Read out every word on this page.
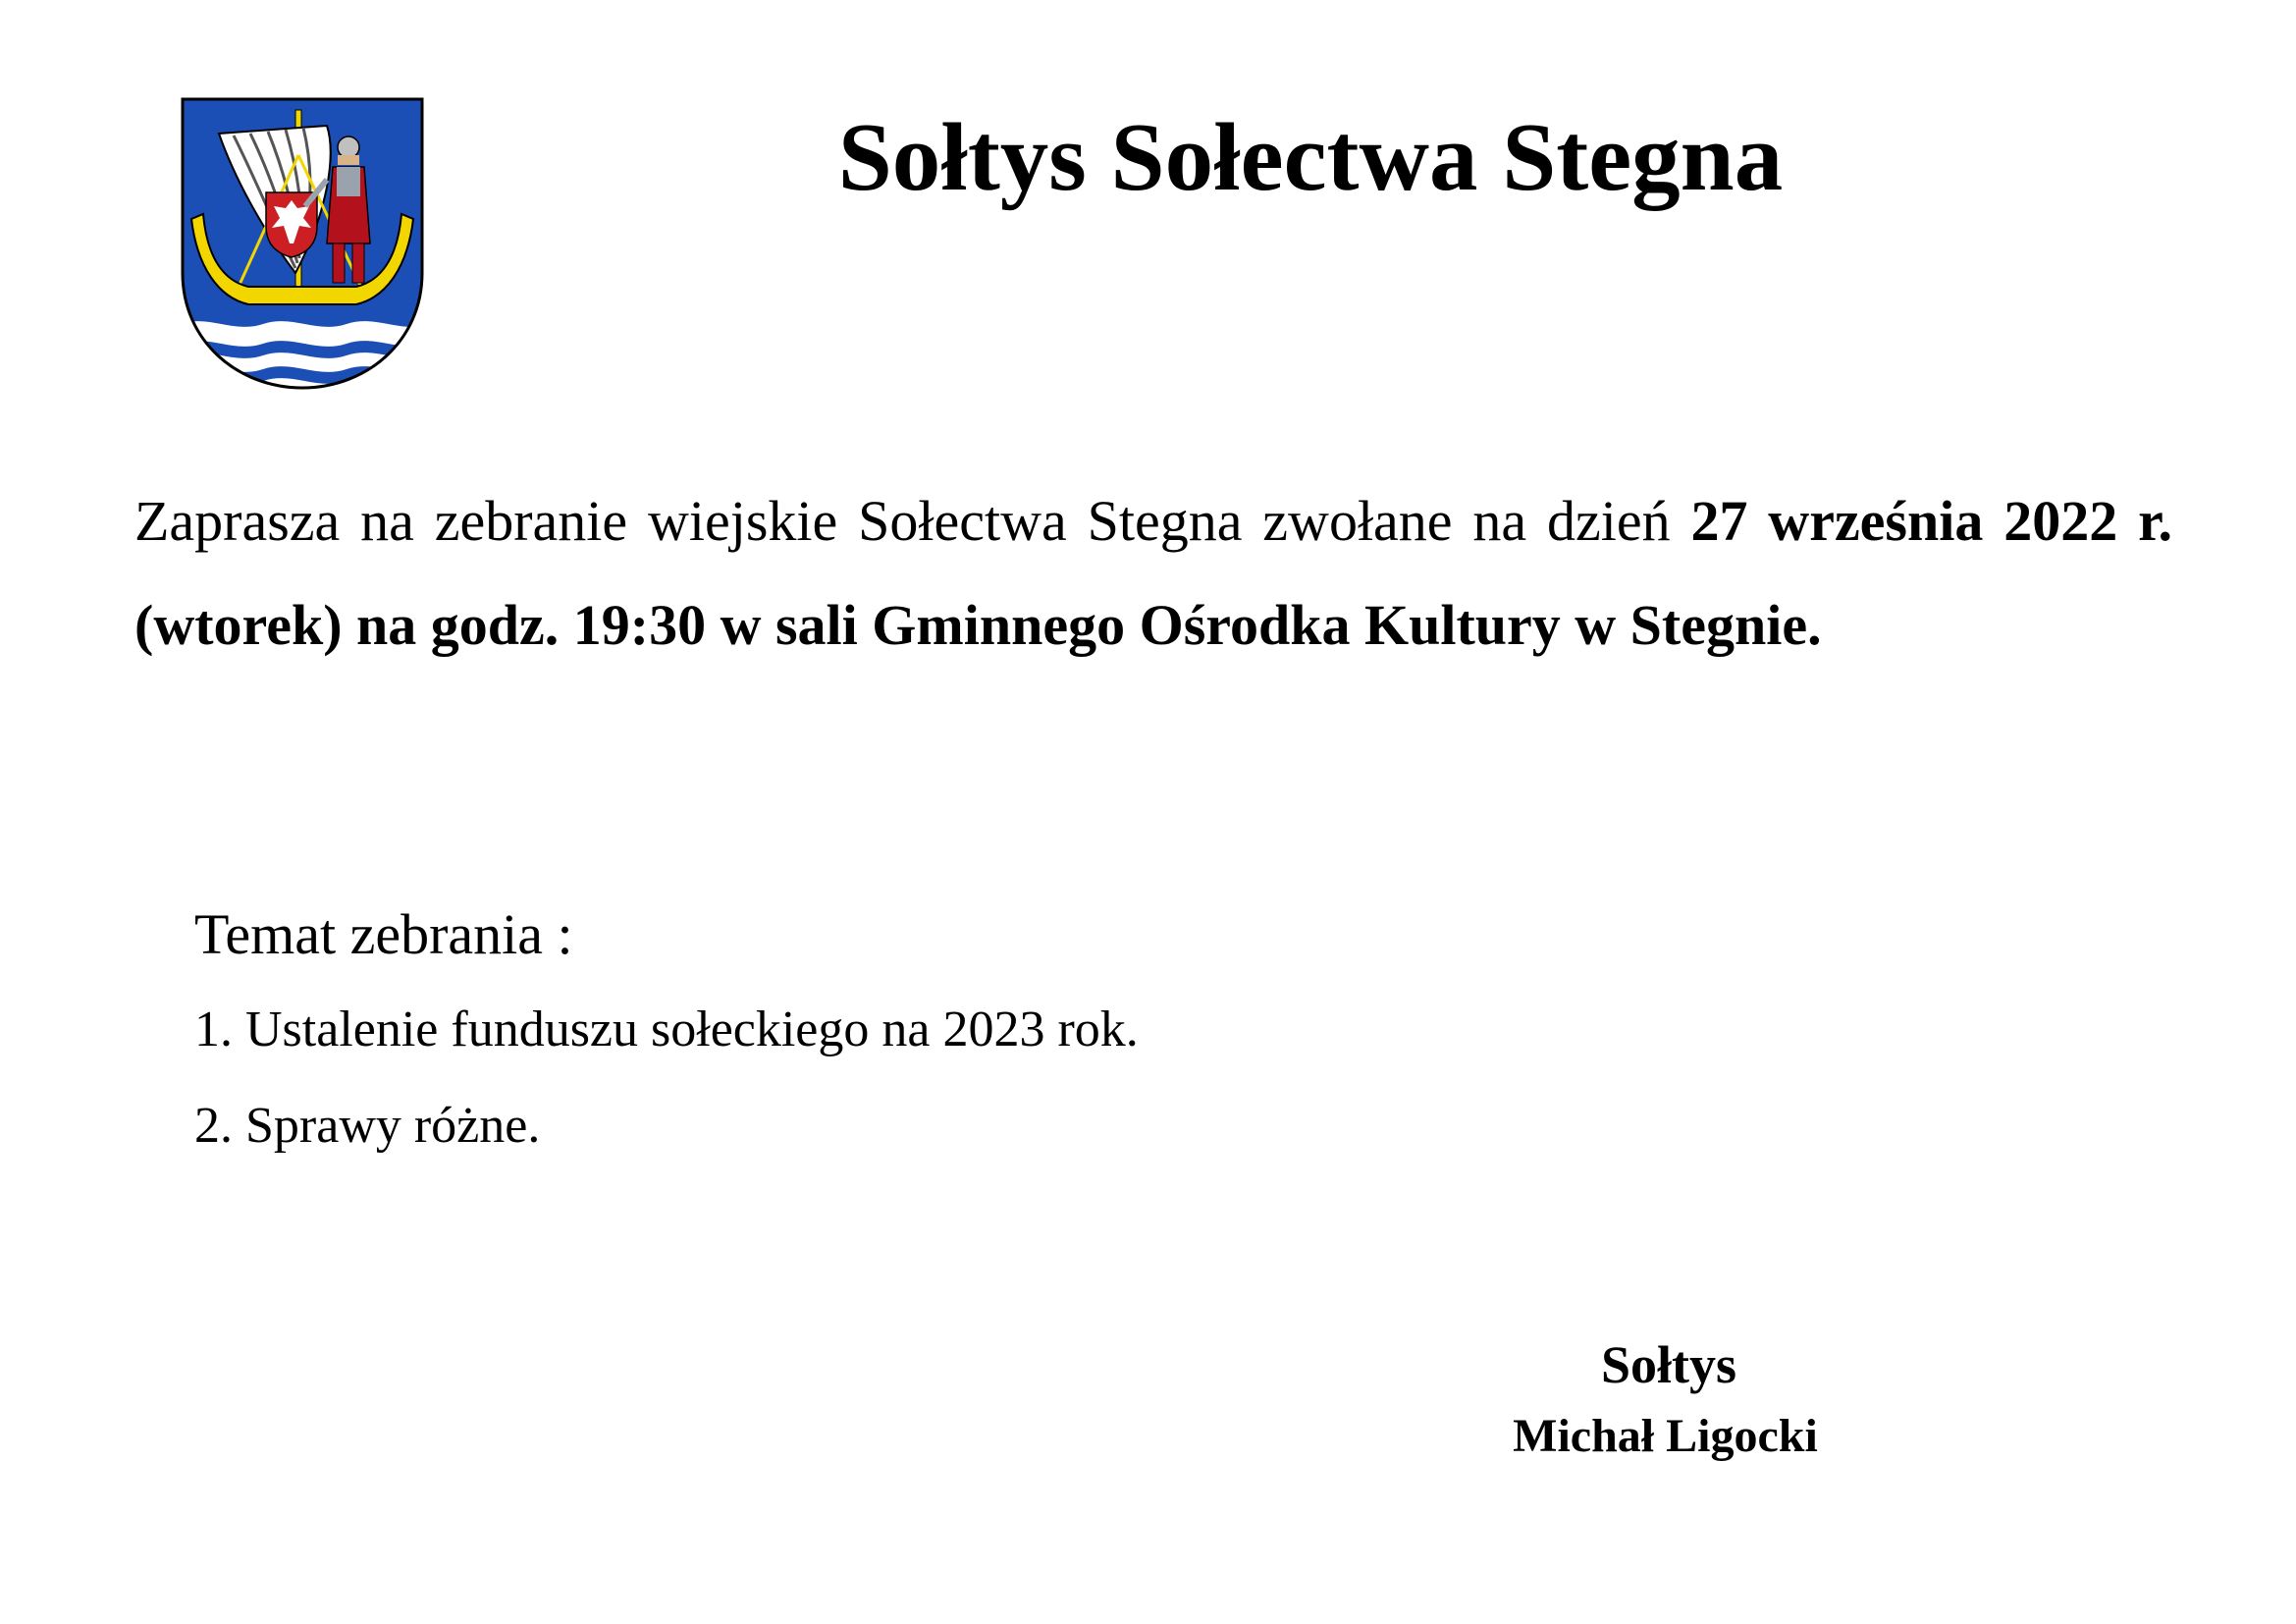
Sołtys Sołectwa Stegna

Zaprasza na zebranie wiejskie Sołectwa Stegna zwołane na dzień 27 września 2022 r. (wtorek) na godz. 19:30 w sali Gminnego Ośrodka Kultury w Stegnie.

Temat zebrania :

1. Ustalenie funduszu sołeckiego na 2023 rok.
2. Sprawy różne.
Sołtys
Michał Ligocki
